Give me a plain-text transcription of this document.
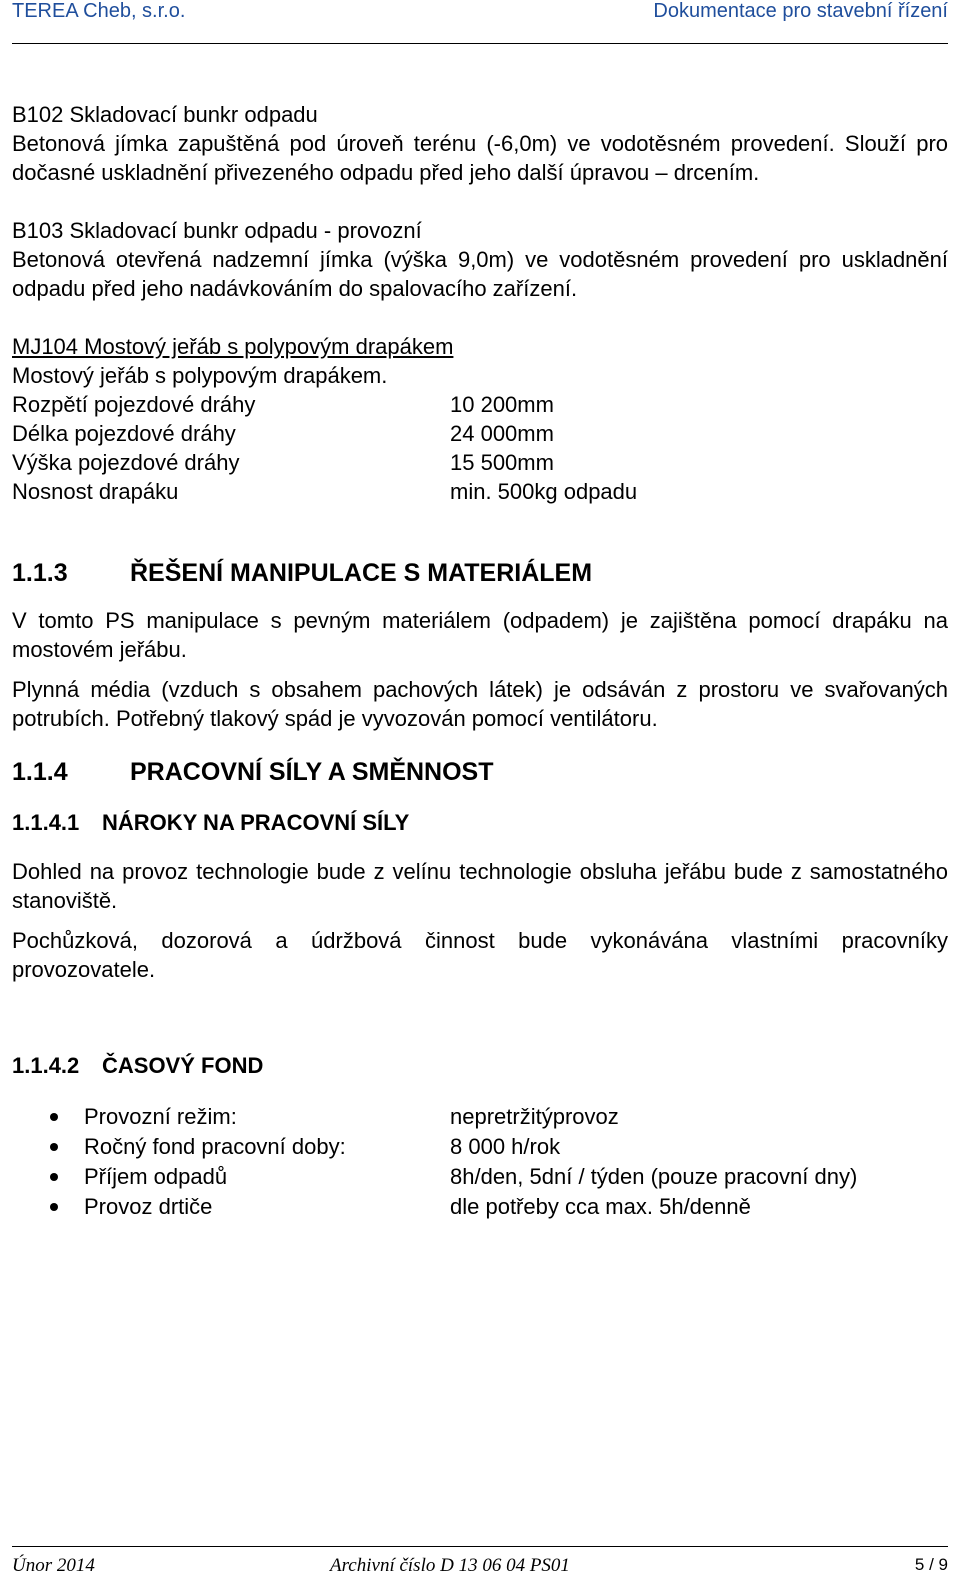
TEREA Cheb, s.r.o.	Dokumentace pro stavební řízení

B102 Skladovací bunkr odpadu

Betonová jímka zapuštěná pod úroveň terénu (-6,0m) ve vodotěsném provedení. Slouží pro dočasné uskladnění přivezeného odpadu před jeho další úpravou – drcením.

B103 Skladovací bunkr odpadu - provozní

Betonová otevřená nadzemní jímka (výška 9,0m) ve vodotěsném provedení pro uskladnění odpadu před jeho nadávkováním do spalovacího zařízení.

MJ104 Mostový jeřáb s polypovým drapákem

Mostový jeřáb s polypovým drapákem.

Rozpětí pojezdové dráhy	10 200mm
Délka pojezdové dráhy	24 000mm
Výška pojezdové dráhy	15 500mm
Nosnost drapáku	min. 500kg odpadu
1.1.3	ŘEŠENÍ MANIPULACE S MATERIÁLEM

V tomto PS manipulace s pevným materiálem (odpadem) je zajištěna pomocí drapáku na mostovém jeřábu.

Plynná média (vzduch s obsahem pachových látek) je odsáván z prostoru ve svařovaných potrubích. Potřebný tlakový spád je vyvozován pomocí ventilátoru.

1.1.4	PRACOVNÍ SÍLY A SMĚNNOST
1.1.4.1	NÁROKY NA PRACOVNÍ SÍLY

Dohled na provoz technologie bude z velínu technologie obsluha jeřábu bude z samostatného stanoviště.

Pochůzková, dozorová a údržbová činnost bude vykonávána vlastními pracovníky provozovatele.

1.1.4.2	ČASOVÝ FOND
Provozní režim:	nepretržitýprovoz
Ročný fond pracovní doby:	8 000 h/rok
Příjem odpadů	8h/den, 5dní / týden (pouze pracovní dny)
Provoz drtiče	dle potřeby cca max. 5h/denně
Únor 2014	Archivní číslo D 13 06 04 PS01	5 / 9
